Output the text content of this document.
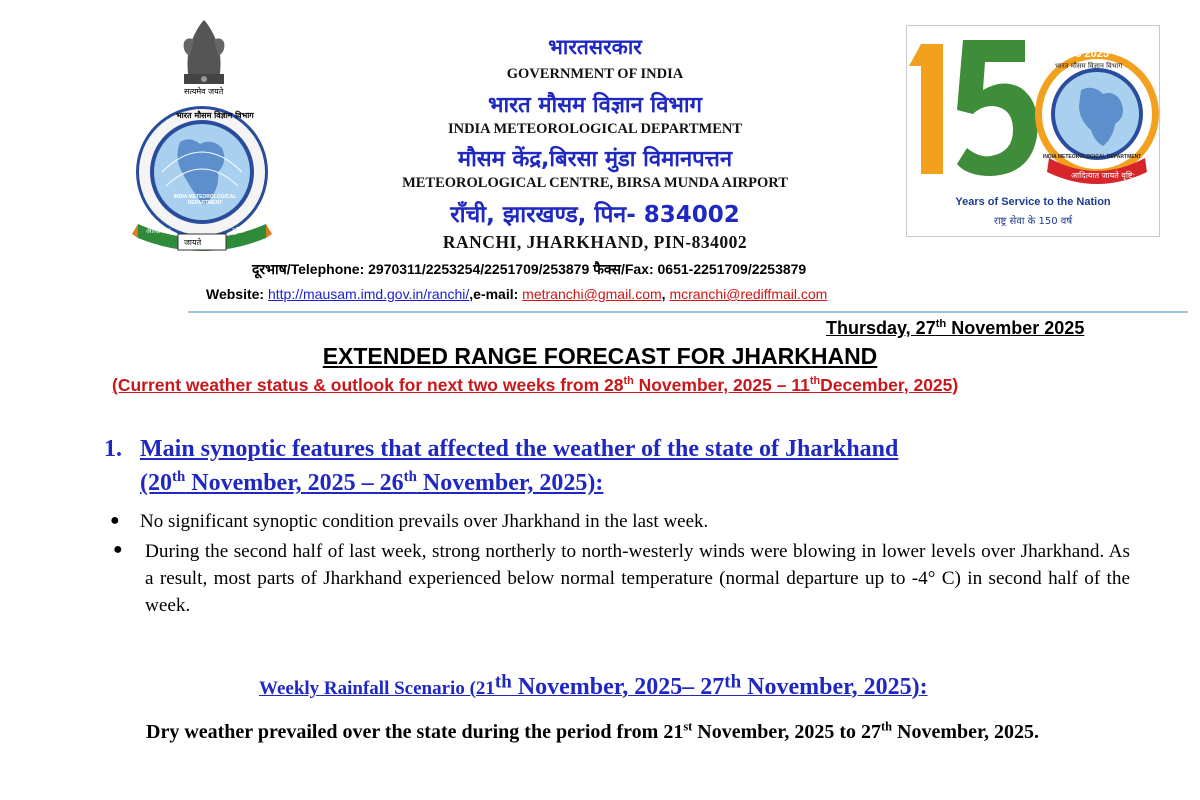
सत्यमेव जयते
भारत मौसम विज्ञान विभाग
आदित्यात
जायते
वृष्टि:
INDIA METEOROLOGICAL DEPARTMENT
भारतसरकार
GOVERNMENT OF INDIA
भारत मौसम विज्ञान विभाग
INDIA METEOROLOGICAL DEPARTMENT
मौसम केंद्र,बिरसा मुंडा विमानपत्तन
METEOROLOGICAL CENTRE, BIRSA MUNDA AIRPORT
राँची, झारखण्ड, पिन- 834002
RANCHI, JHARKHAND, PIN-834002
दूरभाष/Telephone: 2970311/2253254/2251709/253879 फैक्स/Fax: 0651-2251709/2253879
Website: http://mausam.imd.gov.in/ranchi/,e-mail: metranchi@gmail.com, mcranchi@rediffmail.com
1875 2025
भारत मौसम विज्ञान विभाग
INDIA METEOROLOGICAL DEPARTMENT
आदित्यात जायते वृष्टि:
Years of Service to the Nation
राष्ट्र सेवा के 150 वर्ष
Thursday, 27th November 2025
EXTENDED RANGE FORECAST FOR JHARKHAND
(Current weather status & outlook for next two weeks from 28th November, 2025 – 11thDecember, 2025)
1. Main synoptic features that affected the weather of the state of Jharkhand
(20th November, 2025 – 26th November, 2025):
● No significant synoptic condition prevails over Jharkhand in the last week.
● During the second half of last week, strong northerly to north-westerly winds were blowing in lower levels over Jharkhand. As a result, most parts of Jharkhand experienced below normal temperature (normal departure up to -4° C) in second half of the week.
Weekly Rainfall Scenario (21th November, 2025– 27th November, 2025):
Dry weather prevailed over the state during the period from 21st November, 2025 to 27th November, 2025.
